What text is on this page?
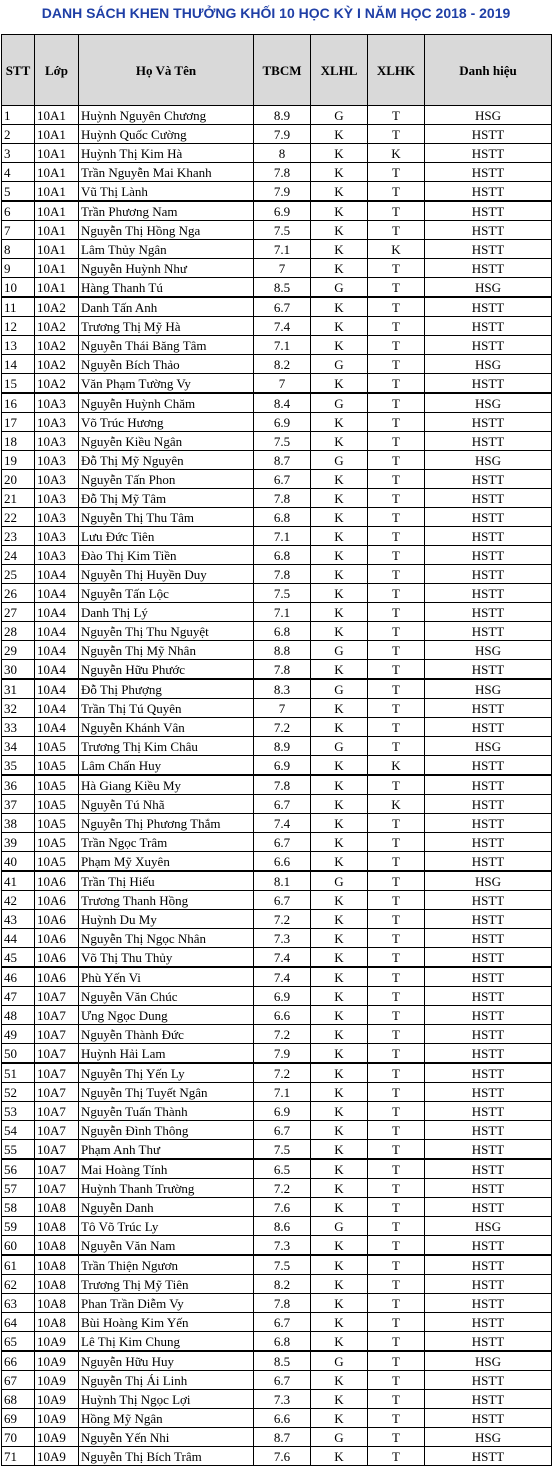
DANH SÁCH KHEN THƯỞNG KHỐI 10 HỌC KỲ I NĂM HỌC 2018 - 2019
STT	Lớp	Họ Và Tên	TBCM	XLHL	XLHK	Danh hiệu
1	10A1	Huỳnh Nguyên Chương	8.9	G	T	HSG
2	10A1	Huỳnh Quốc Cường	7.9	K	T	HSTT
3	10A1	Huỳnh Thị Kim Hà	8	K	K	HSTT
4	10A1	Trần Nguyễn Mai Khanh	7.8	K	T	HSTT
5	10A1	Vũ Thị Lành	7.9	K	T	HSTT
6	10A1	Trần Phương Nam	6.9	K	T	HSTT
7	10A1	Nguyễn Thị Hồng Nga	7.5	K	T	HSTT
8	10A1	Lâm Thủy Ngân	7.1	K	K	HSTT
9	10A1	Nguyễn Huỳnh Như	7	K	T	HSTT
10	10A1	Hàng Thanh Tú	8.5	G	T	HSG
11	10A2	Danh Tấn Anh	6.7	K	T	HSTT
12	10A2	Trương Thị Mỹ Hà	7.4	K	T	HSTT
13	10A2	Nguyễn Thái Băng Tâm	7.1	K	T	HSTT
14	10A2	Nguyễn Bích Thảo	8.2	G	T	HSG
15	10A2	Văn Phạm Tường Vy	7	K	T	HSTT
16	10A3	Nguyễn Huỳnh Chăm	8.4	G	T	HSG
17	10A3	Võ Trúc Hương	6.9	K	T	HSTT
18	10A3	Nguyễn Kiều Ngân	7.5	K	T	HSTT
19	10A3	Đỗ Thị Mỹ Nguyên	8.7	G	T	HSG
20	10A3	Nguyễn Tấn Phon	6.7	K	T	HSTT
21	10A3	Đỗ Thị Mỹ Tâm	7.8	K	T	HSTT
22	10A3	Nguyễn Thị Thu Tâm	6.8	K	T	HSTT
23	10A3	Lưu Đức Tiên	7.1	K	T	HSTT
24	10A3	Đào Thị Kim Tiền	6.8	K	T	HSTT
25	10A4	Nguyễn Thị Huyền Duy	7.8	K	T	HSTT
26	10A4	Nguyễn Tấn Lộc	7.5	K	T	HSTT
27	10A4	Danh Thị Lý	7.1	K	T	HSTT
28	10A4	Nguyễn Thị Thu Nguyệt	6.8	K	T	HSTT
29	10A4	Nguyễn Thị Mỹ Nhân	8.8	G	T	HSG
30	10A4	Nguyễn Hữu Phước	7.8	K	T	HSTT
31	10A4	Đỗ Thị Phượng	8.3	G	T	HSG
32	10A4	Trần Thị Tú Quyên	7	K	T	HSTT
33	10A4	Nguyễn Khánh Vân	7.2	K	T	HSTT
34	10A5	Trương Thị Kim Châu	8.9	G	T	HSG
35	10A5	Lâm Chấn Huy	6.9	K	K	HSTT
36	10A5	Hà Giang Kiều My	7.8	K	T	HSTT
37	10A5	Nguyễn Tú Nhã	6.7	K	K	HSTT
38	10A5	Nguyễn Thị Phương Thắm	7.4	K	T	HSTT
39	10A5	Trần Ngọc Trâm	6.7	K	T	HSTT
40	10A5	Phạm Mỹ Xuyên	6.6	K	T	HSTT
41	10A6	Trần Thị Hiếu	8.1	G	T	HSG
42	10A6	Trương Thanh Hồng	6.7	K	T	HSTT
43	10A6	Huỳnh Du My	7.2	K	T	HSTT
44	10A6	Nguyễn Thị Ngọc Nhân	7.3	K	T	HSTT
45	10A6	Võ Thị Thu Thủy	7.4	K	T	HSTT
46	10A6	Phù Yến Vi	7.4	K	T	HSTT
47	10A7	Nguyễn Văn Chúc	6.9	K	T	HSTT
48	10A7	Ưng Ngọc Dung	6.6	K	T	HSTT
49	10A7	Nguyễn Thành Đức	7.2	K	T	HSTT
50	10A7	Huỳnh Hải Lam	7.9	K	T	HSTT
51	10A7	Nguyễn Thị Yến Ly	7.2	K	T	HSTT
52	10A7	Nguyễn Thị Tuyết Ngân	7.1	K	T	HSTT
53	10A7	Nguyễn Tuấn Thành	6.9	K	T	HSTT
54	10A7	Nguyễn Đình Thông	6.7	K	T	HSTT
55	10A7	Phạm Anh Thư	7.5	K	T	HSTT
56	10A7	Mai Hoàng Tính	6.5	K	T	HSTT
57	10A7	Huỳnh Thanh Trường	7.2	K	T	HSTT
58	10A8	Nguyễn Danh	7.6	K	T	HSTT
59	10A8	Tô Võ Trúc Ly	8.6	G	T	HSG
60	10A8	Nguyễn Văn Nam	7.3	K	T	HSTT
61	10A8	Trần Thiện Ngươn	7.5	K	T	HSTT
62	10A8	Trương Thị Mỹ Tiên	8.2	K	T	HSTT
63	10A8	Phan Trần Diễm Vy	7.8	K	T	HSTT
64	10A8	Bùi Hoàng Kim Yến	6.7	K	T	HSTT
65	10A9	Lê Thị Kim Chung	6.8	K	T	HSTT
66	10A9	Nguyễn Hữu Huy	8.5	G	T	HSG
67	10A9	Nguyễn Thị Ái Linh	6.7	K	T	HSTT
68	10A9	Huỳnh Thị Ngọc Lợi	7.3	K	T	HSTT
69	10A9	Hồng Mỹ Ngân	6.6	K	T	HSTT
70	10A9	Nguyễn Yến Nhi	8.7	G	T	HSG
71	10A9	Nguyễn Thị Bích Trâm	7.6	K	T	HSTT
